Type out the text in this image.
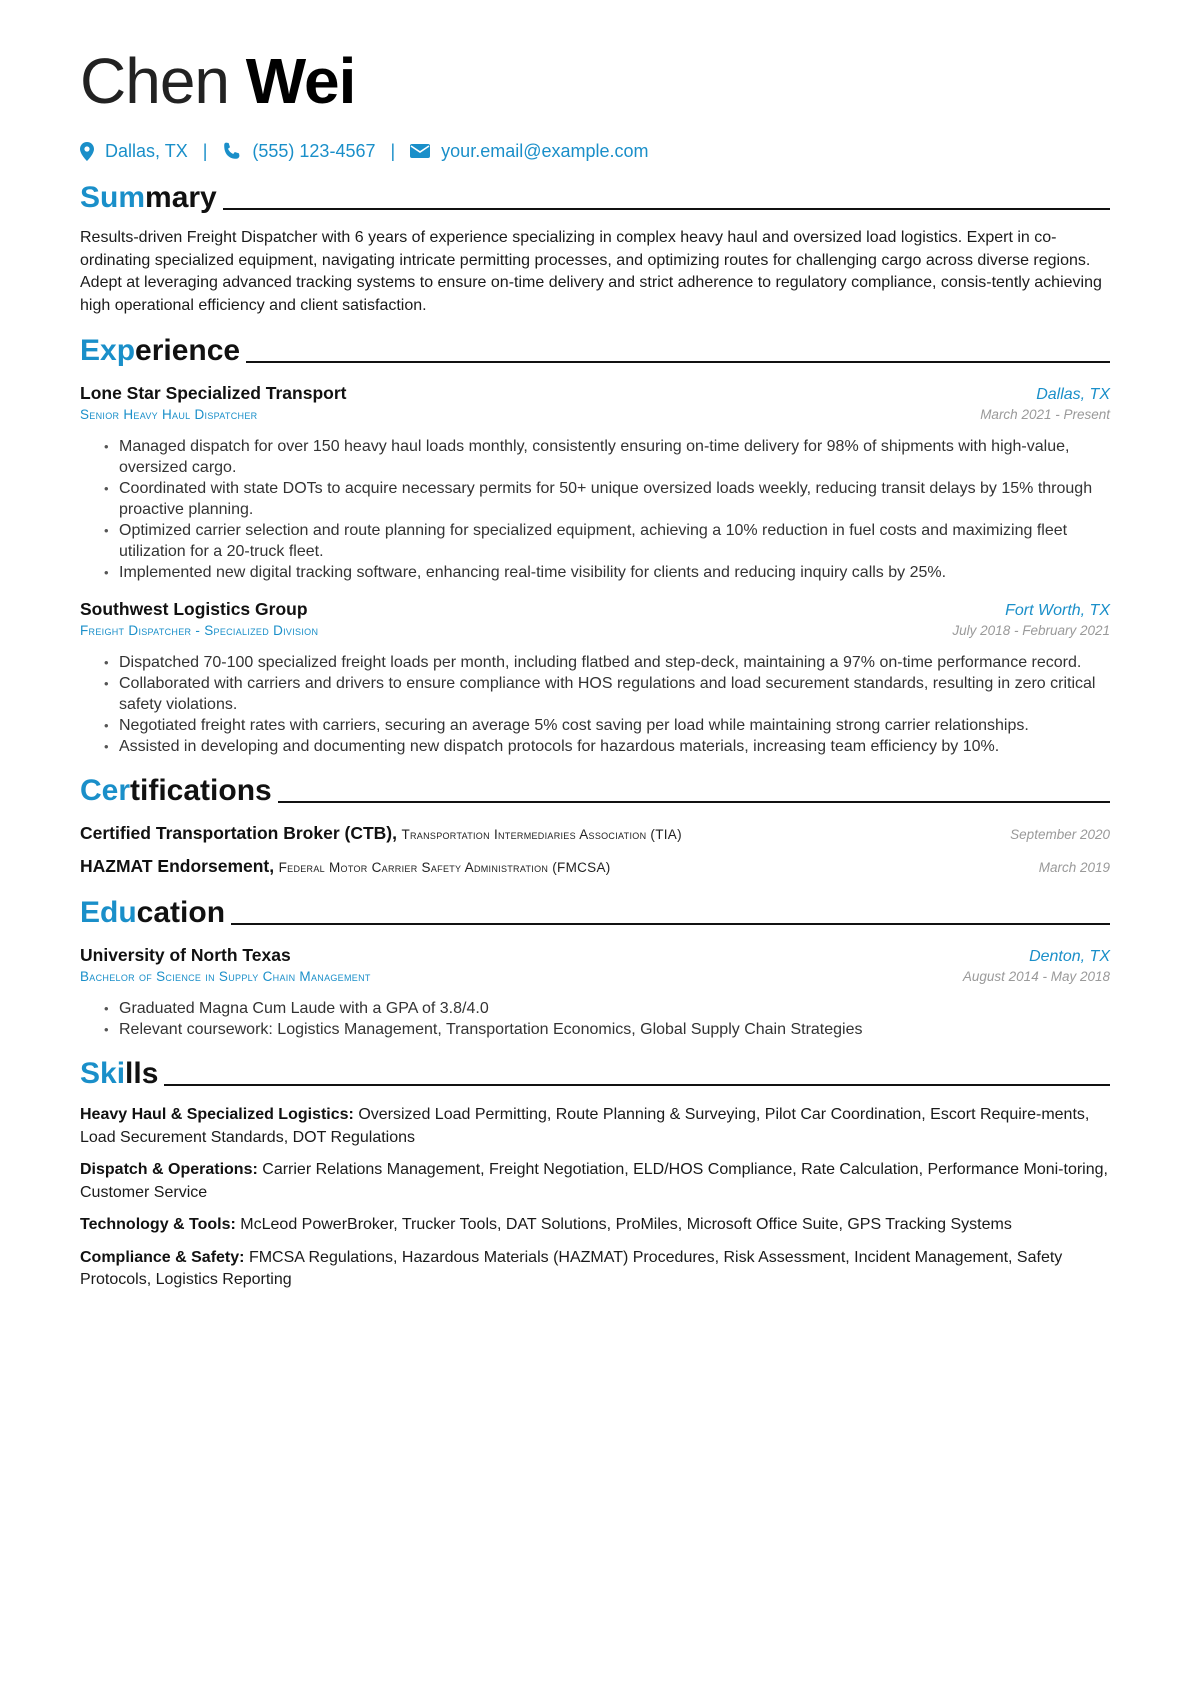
Chen Wei
Dallas, TX |	(555) 123-4567 |	your.email@example.com
Summary
Results-driven Freight Dispatcher with 6 years of experience specializing in complex heavy haul and oversized load logistics. Expert in co-ordinating specialized equipment, navigating intricate permitting processes, and optimizing routes for challenging cargo across diverse regions. Adept at leveraging advanced tracking systems to ensure on-time delivery and strict adherence to regulatory compliance, consis-tently achieving high operational efficiency and client satisfaction.
Experience
Lone Star Specialized Transport	Dallas, TX
Senior Heavy Haul Dispatcher	March 2021 - Present
• Managed dispatch for over 150 heavy haul loads monthly, consistently ensuring on-time delivery for 98% of shipments with high-value, oversized cargo.
• Coordinated with state DOTs to acquire necessary permits for 50+ unique oversized loads weekly, reducing transit delays by 15% through proactive planning.
• Optimized carrier selection and route planning for specialized equipment, achieving a 10% reduction in fuel costs and maximizing fleet utilization for a 20-truck fleet.
• Implemented new digital tracking software, enhancing real-time visibility for clients and reducing inquiry calls by 25%.
Southwest Logistics Group	Fort Worth, TX
Freight Dispatcher - Specialized Division	July 2018 - February 2021
• Dispatched 70-100 specialized freight loads per month, including flatbed and step-deck, maintaining a 97% on-time performance record.
• Collaborated with carriers and drivers to ensure compliance with HOS regulations and load securement standards, resulting in zero critical safety violations.
• Negotiated freight rates with carriers, securing an average 5% cost saving per load while maintaining strong carrier relationships.
• Assisted in developing and documenting new dispatch protocols for hazardous materials, increasing team efficiency by 10%.
Certifications
Certified Transportation Broker (CTB), Transportation Intermediaries Association (TIA)	September 2020
HAZMAT Endorsement, Federal Motor Carrier Safety Administration (FMCSA)	March 2019
Education
University of North Texas	Denton, TX
Bachelor of Science in Supply Chain Management	August 2014 - May 2018
• Graduated Magna Cum Laude with a GPA of 3.8/4.0
• Relevant coursework: Logistics Management, Transportation Economics, Global Supply Chain Strategies
Skills
Heavy Haul & Specialized Logistics: Oversized Load Permitting, Route Planning & Surveying, Pilot Car Coordination, Escort Require-ments, Load Securement Standards, DOT Regulations
Dispatch & Operations: Carrier Relations Management, Freight Negotiation, ELD/HOS Compliance, Rate Calculation, Performance Moni-toring, Customer Service
Technology & Tools: McLeod PowerBroker, Trucker Tools, DAT Solutions, ProMiles, Microsoft Office Suite, GPS Tracking Systems
Compliance & Safety: FMCSA Regulations, Hazardous Materials (HAZMAT) Procedures, Risk Assessment, Incident Management, Safety Protocols, Logistics Reporting
